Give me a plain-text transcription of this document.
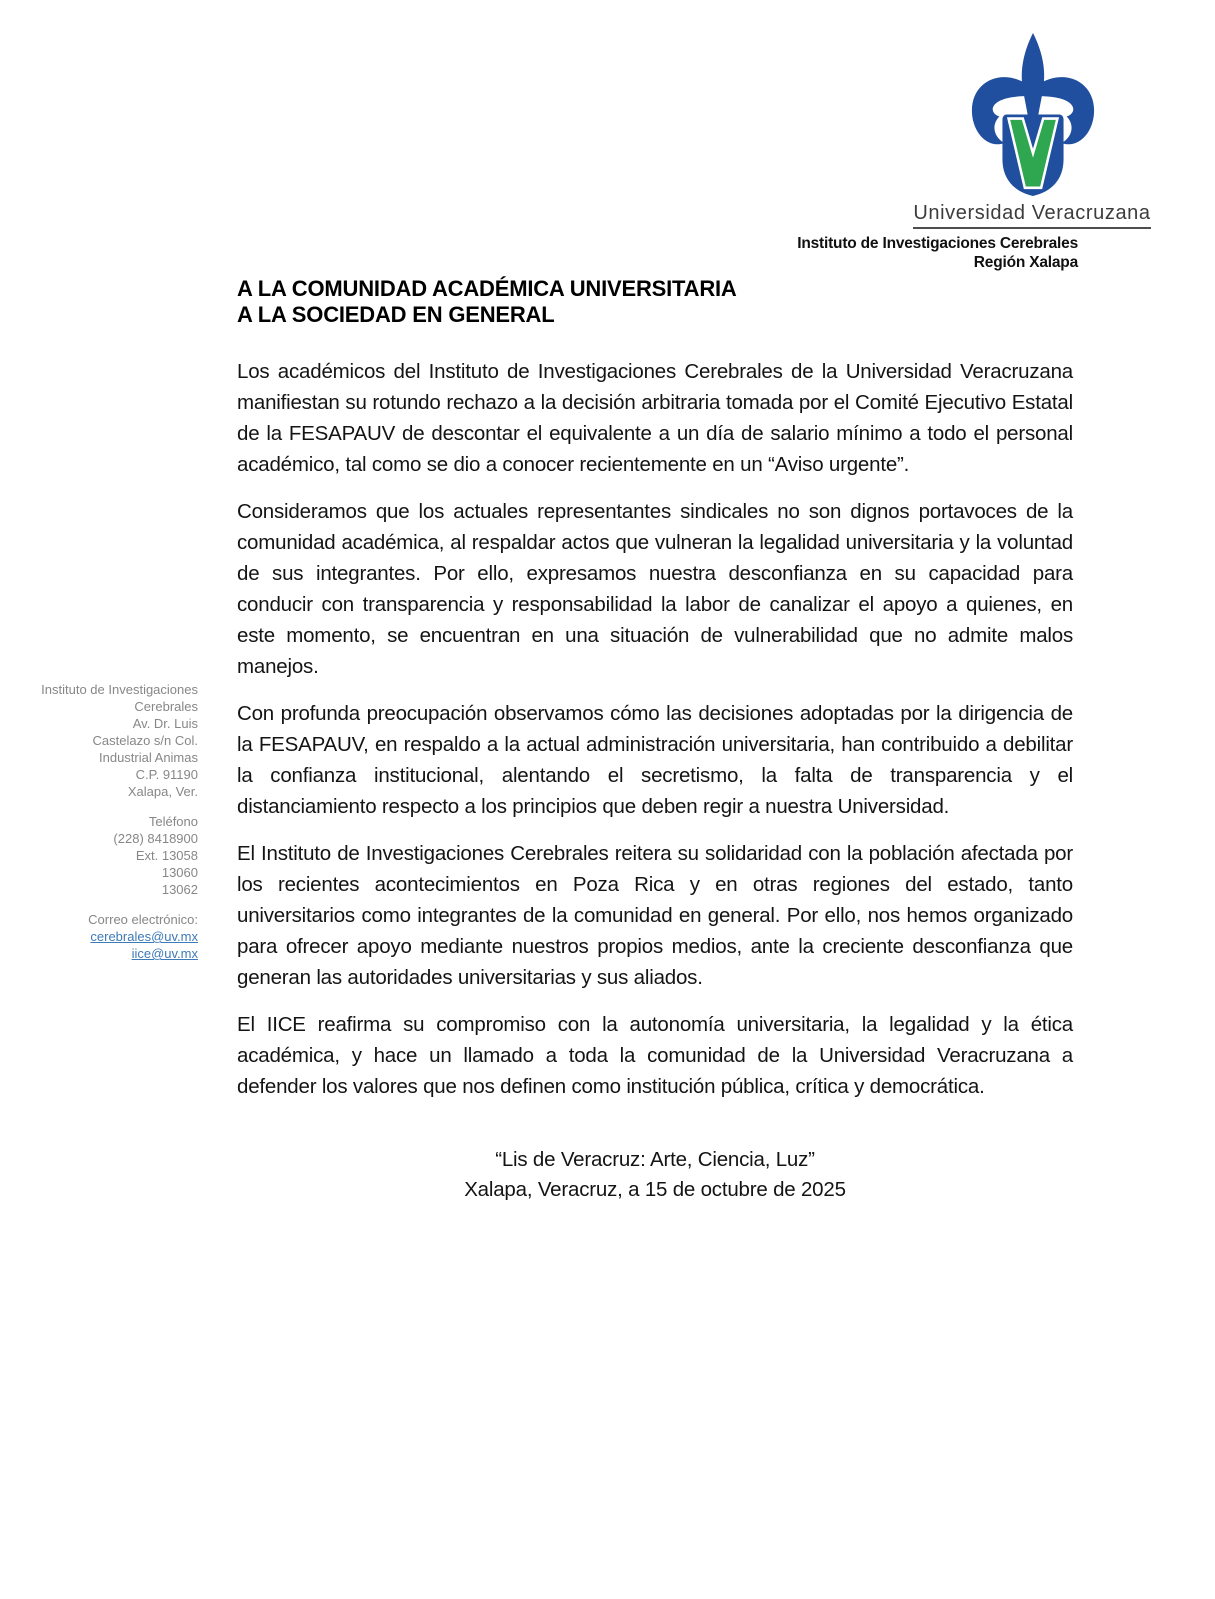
Universidad Veracruzana
Instituto de Investigaciones Cerebrales
Región Xalapa
Instituto de Investigaciones
Cerebrales
Av. Dr. Luis
Castelazo s/n Col.
Industrial Animas
C.P. 91190
Xalapa, Ver.
Teléfono
(228) 8418900
Ext. 13058
13060
13062
Correo electrónico:
cerebrales@uv.mx
iice@uv.mx
A LA COMUNIDAD ACADÉMICA UNIVERSITARIA
A LA SOCIEDAD EN GENERAL

Los académicos del Instituto de Investigaciones Cerebrales de la Universidad Veracruzana manifiestan su rotundo rechazo a la decisión arbitraria tomada por el Comité Ejecutivo Estatal de la FESAPAUV de descontar el equivalente a un día de salario mínimo a todo el personal académico, tal como se dio a conocer recientemente en un “Aviso urgente”.

Consideramos que los actuales representantes sindicales no son dignos portavoces de la comunidad académica, al respaldar actos que vulneran la legalidad universitaria y la voluntad de sus integrantes. Por ello, expresamos nuestra desconfianza en su capacidad para conducir con transparencia y responsabilidad la labor de canalizar el apoyo a quienes, en este momento, se encuentran en una situación de vulnerabilidad que no admite malos manejos.

Con profunda preocupación observamos cómo las decisiones adoptadas por la dirigencia de la FESAPAUV, en respaldo a la actual administración universitaria, han contribuido a debilitar la confianza institucional, alentando el secretismo, la falta de transparencia y el distanciamiento respecto a los principios que deben regir a nuestra Universidad.

El Instituto de Investigaciones Cerebrales reitera su solidaridad con la población afectada por los recientes acontecimientos en Poza Rica y en otras regiones del estado, tanto universitarios como integrantes de la comunidad en general. Por ello, nos hemos organizado para ofrecer apoyo mediante nuestros propios medios, ante la creciente desconfianza que generan las autoridades universitarias y sus aliados.

El IICE reafirma su compromiso con la autonomía universitaria, la legalidad y la ética académica, y hace un llamado a toda la comunidad de la Universidad Veracruzana a defender los valores que nos definen como institución pública, crítica y democrática.

“Lis de Veracruz: Arte, Ciencia, Luz”
Xalapa, Veracruz, a 15 de octubre de 2025
